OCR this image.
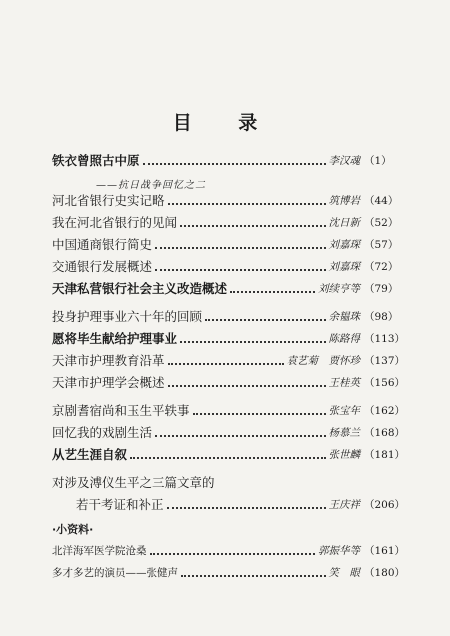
目 录
铁衣曾照古中原	李汉魂 （1）
河北省银行史实记略	筑博岩 （44）
我在河北省银行的见闻	沈日新 （52）
中国通商银行简史	刘嘉琛 （57）
交通银行发展概述	刘嘉琛 （72）
天津私营银行社会主义改造概述	刘续亨等 （79）
投身护理事业六十年的回顾	余韫珠 （98）
愿将毕生献给护理事业	陈路得 （113）
天津市护理教育沿革	袁艺菊　贾怀珍 （137）
天津市护理学会概述	王桂英 （156）
京剧耆宿尚和玉生平轶事	张宝年 （162）
回忆我的戏剧生活	杨慕兰 （168）
从艺生涯自叙	张世麟 （181）
对涉及溥仪生平之三篇文章的
若干考证和补正	王庆祥 （206）
北洋海军医学院沧桑	郭振华等 （161）
多才多艺的演员——张健声	笑　眼 （180）
——抗日战争回忆之二
·小资料·
